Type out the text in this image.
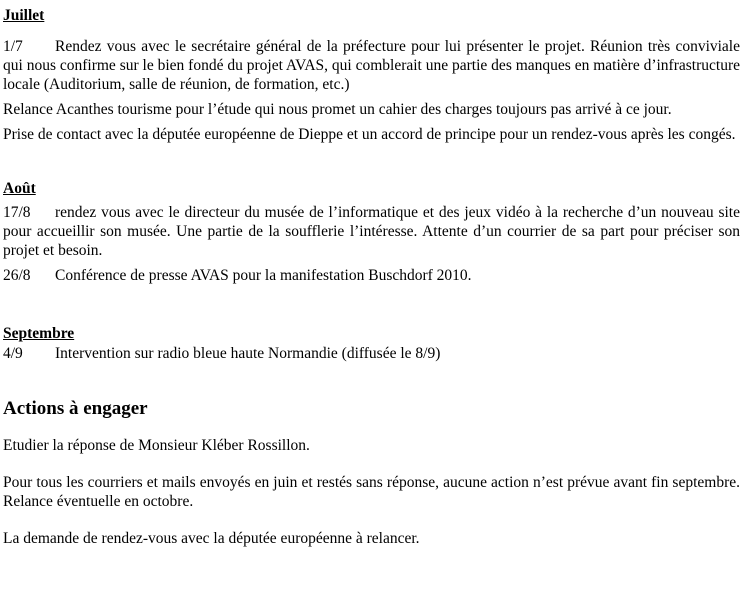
Juillet

1/7 Rendez vous avec le secrétaire général de la préfecture pour lui présenter le projet. Réunion très conviviale qui nous confirme sur le bien fondé du projet AVAS, qui comblerait une partie des manques en matière d’infrastructure locale (Auditorium, salle de réunion, de formation, etc.)

Relance Acanthes tourisme pour l’étude qui nous promet un cahier des charges toujours pas arrivé à ce jour.

Prise de contact avec la députée européenne de Dieppe et un accord de principe pour un rendez-vous après les congés.

Août

17/8 rendez vous avec le directeur du musée de l’informatique et des jeux vidéo à la recherche d’un nouveau site pour accueillir son musée. Une partie de la soufflerie l’intéresse. Attente d’un courrier de sa part pour préciser son projet et besoin.

26/8 Conférence de presse AVAS pour la manifestation Buschdorf 2010.

Septembre

4/9 Intervention sur radio bleue haute Normandie (diffusée le 8/9)

Actions à engager

Etudier la réponse de Monsieur Kléber Rossillon.

Pour tous les courriers et mails envoyés en juin et restés sans réponse, aucune action n’est prévue avant fin septembre. Relance éventuelle en octobre.

La demande de rendez-vous avec la députée européenne à relancer.
